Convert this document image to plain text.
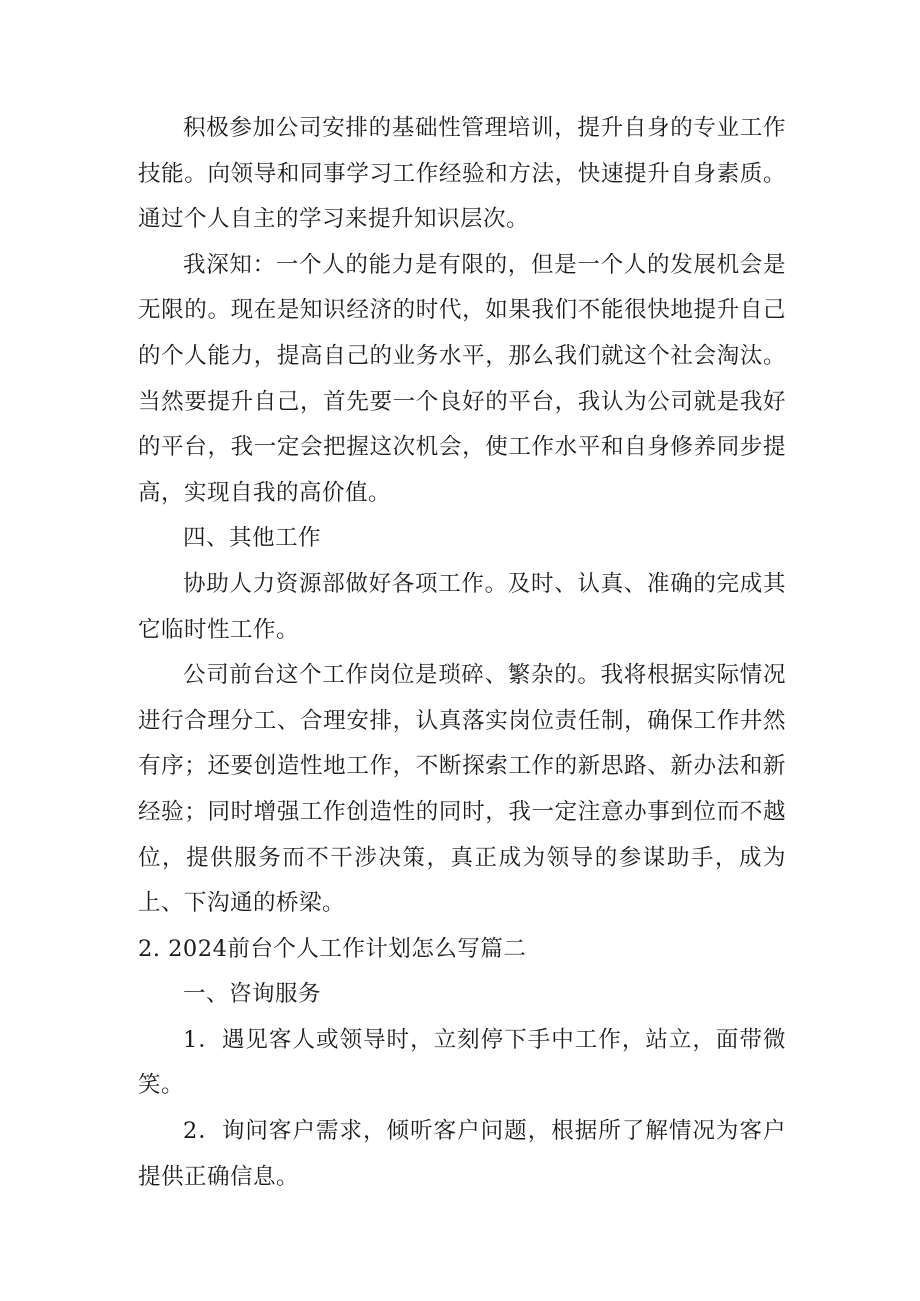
积极参加公司安排的基础性管理培训，提升自身的专业工作技能。向领导和同事学习工作经验和方法，快速提升自身素质。通过个人自主的学习来提升知识层次。

我深知：一个人的能力是有限的，但是一个人的发展机会是无限的。现在是知识经济的时代，如果我们不能很快地提升自己的个人能力，提高自己的业务水平，那么我们就这个社会淘汰。当然要提升自己，首先要一个良好的平台，我认为公司就是我好的平台，我一定会把握这次机会，使工作水平和自身修养同步提高，实现自我的高价值。

四、其他工作

协助人力资源部做好各项工作。及时、认真、准确的完成其它临时性工作。

公司前台这个工作岗位是琐碎、繁杂的。我将根据实际情况进行合理分工、合理安排，认真落实岗位责任制，确保工作井然有序；还要创造性地工作，不断探索工作的新思路、新办法和新经验；同时增强工作创造性的同时，我一定注意办事到位而不越位，提供服务而不干涉决策，真正成为领导的参谋助手，成为上、下沟通的桥梁。

2. 2024前台个人工作计划怎么写篇二

一、咨询服务

1．遇见客人或领导时，立刻停下手中工作，站立，面带微笑。

2．询问客户需求，倾听客户问题，根据所了解情况为客户提供正确信息。
